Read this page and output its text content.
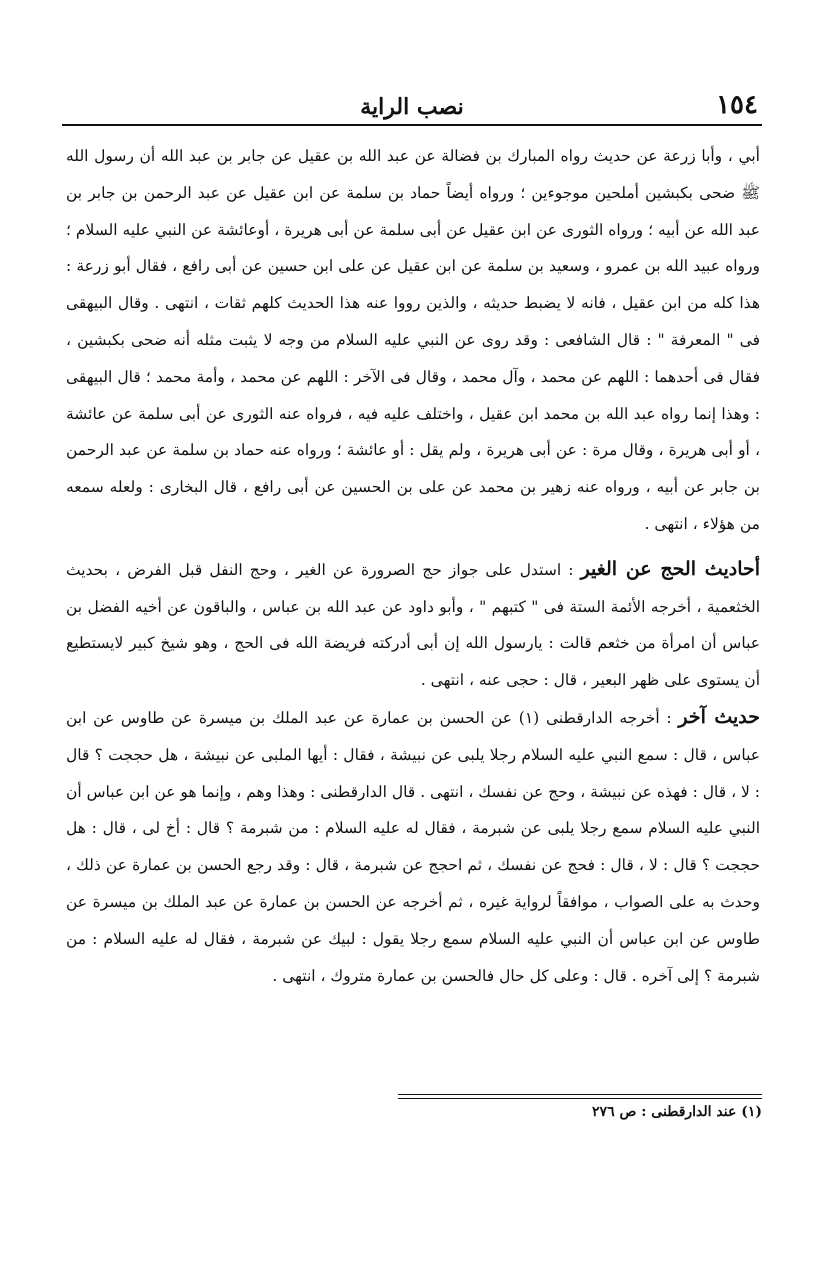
١٥٤
نصب الراية

أبي ، وأبا زرعة عن حديث رواه المبارك بن فضالة عن عبد الله بن عقيل عن جابر بن عبد الله أن رسول الله ﷺ ضحى بكبشين أملحين موجوءين ؛ ورواه أيضاً حماد بن سلمة عن ابن عقيل عن عبد الرحمن بن جابر بن عبد الله عن أبيه ؛ ورواه الثورى عن ابن عقيل عن أبى سلمة عن أبى هريرة ، أوعائشة عن النبي عليه السلام ؛ ورواه عبيد الله بن عمرو ، وسعيد بن سلمة عن ابن عقيل عن على ابن حسين عن أبى رافع ، فقال أبو زرعة : هذا كله من ابن عقيل ، فانه لا يضبط حديثه ، والذين رووا عنه هذا الحديث كلهم ثقات ، انتهى . وقال البيهقى فى " المعرفة " : قال الشافعى : وقد روى عن النبي عليه السلام من وجه لا يثبت مثله أنه ضحى بكبشين ، فقال فى أحدهما : اللهم عن محمد ، وآل محمد ، وقال فى الآخر : اللهم عن محمد ، وأمة محمد ؛ قال البيهقى : وهذا إنما رواه عبد الله بن محمد ابن عقيل ، واختلف عليه فيه ، فرواه عنه الثورى عن أبى سلمة عن عائشة ، أو أبى هريرة ، وقال مرة : عن أبى هريرة ، ولم يقل : أو عائشة ؛ ورواه عنه حماد بن سلمة عن عبد الرحمن بن جابر عن أبيه ، ورواه عنه زهير بن محمد عن على بن الحسين عن أبى رافع ، قال البخارى : ولعله سمعه من هؤلاء ، انتهى .

أحاديث الحج عن الغير : استدل على جواز حج الصرورة عن الغير ، وحج النفل قبل الفرض ، بحديث الخثعمية ، أخرجه الأئمة الستة فى " كتبهم " ، وأبو داود عن عبد الله بن عباس ، والباقون عن أخيه الفضل بن عباس أن امرأة من خثعم قالت : يارسول الله إن أبى أدركته فريضة الله فى الحج ، وهو شيخ كبير لايستطيع أن يستوى على ظهر البعير ، قال : حجى عنه ، انتهى .

حديث آخر : أخرجه الدارقطنى (١) عن الحسن بن عمارة عن عبد الملك بن ميسرة عن طاوس عن ابن عباس ، قال : سمع النبي عليه السلام رجلا يلبى عن نبيشة ، فقال : أيها الملبى عن نبيشة ، هل حججت ؟ قال : لا ، قال : فهذه عن نبيشة ، وحج عن نفسك ، انتهى . قال الدارقطنى : وهذا وهم ، وإنما هو عن ابن عباس أن النبي عليه السلام سمع رجلا يلبى عن شبرمة ، فقال له عليه السلام : من شبرمة ؟ قال : أخ لى ، قال : هل حججت ؟ قال : لا ، قال : فحج عن نفسك ، ثم احجج عن شبرمة ، قال : وقد رجع الحسن بن عمارة عن ذلك ، وحدث به على الصواب ، موافقاً لرواية غيره ، ثم أخرجه عن الحسن بن عمارة عن عبد الملك بن ميسرة عن طاوس عن ابن عباس أن النبي عليه السلام سمع رجلا يقول : لبيك عن شبرمة ، فقال له عليه السلام : من شبرمة ؟ إلى آخره . قال : وعلى كل حال فالحسن بن عمارة متروك ، انتهى .

(١) عند الدارقطنى : ص ٢٧٦
